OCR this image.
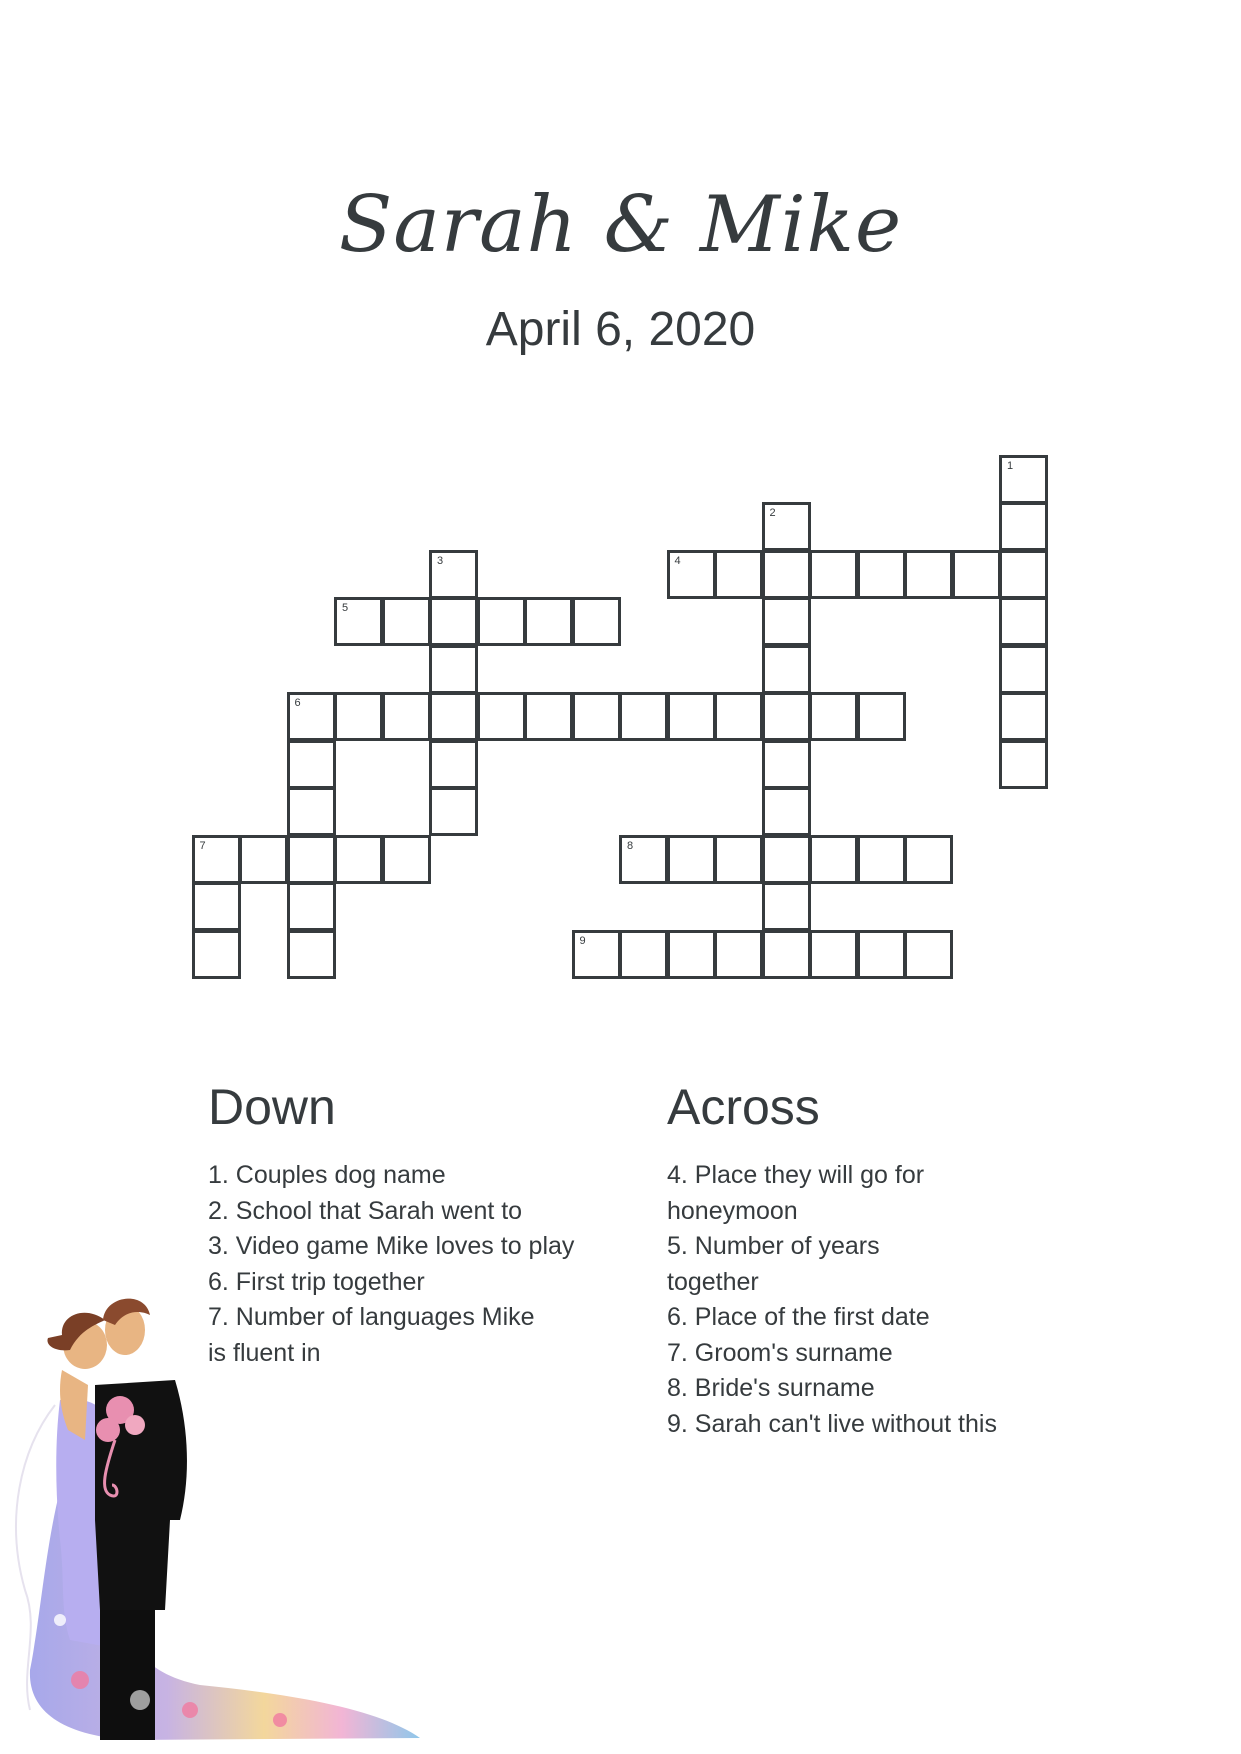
Sarah & Mike
April 6, 2020
1
2
3	4
5
6
7	8
9
Down
1. Couples dog name
2. School that Sarah went to
3. Video game Mike loves to play
6. First trip together
7. Number of languages Mike is fluent in
Across
4. Place they will go for honeymoon
5. Number of years together
6. Place of the first date
7. Groom's surname
8. Bride's surname
9. Sarah can't live without this
